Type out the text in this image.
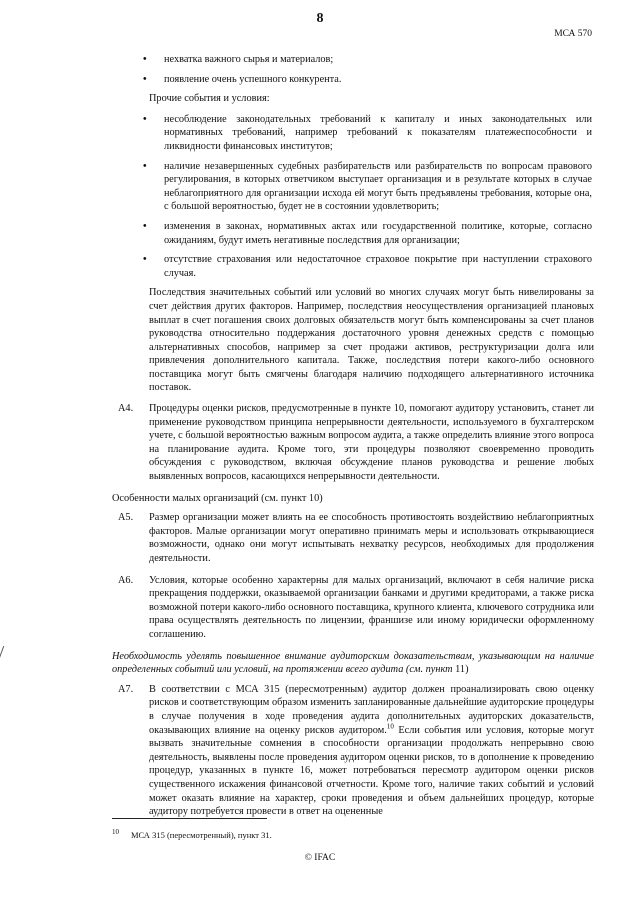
8
МСА 570
• нехватка важного сырья и материалов;
• появление очень успешного конкурента.
Прочие события и условия:
• несоблюдение законодательных требований к капиталу и иных законодательных или нормативных требований, например требований к показателям платежеспособности и ликвидности финансовых институтов;
• наличие незавершенных судебных разбирательств или разбирательств по вопросам правового регулирования, в которых ответчиком выступает организация и в результате которых в случае неблагоприятного для организации исхода ей могут быть предъявлены требования, которые она, с большой вероятностью, будет не в состоянии удовлетворить;
• изменения в законах, нормативных актах или государственной политике, которые, согласно ожиданиям, будут иметь негативные последствия для организации;
• отсутствие страхования или недостаточное страховое покрытие при наступлении страхового случая.
Последствия значительных событий или условий во многих случаях могут быть нивелированы за счет действия других факторов. Например, последствия неосуществления организацией плановых выплат в счет погашения своих долговых обязательств могут быть компенсированы за счет планов руководства относительно поддержания достаточного уровня денежных средств с помощью альтернативных способов, например за счет продажи активов, реструктуризации долга или привлечения дополнительного капитала. Также, последствия потери какого-либо основного поставщика могут быть смягчены благодаря наличию подходящего альтернативного источника поставок.
A4. Процедуры оценки рисков, предусмотренные в пункте 10, помогают аудитору установить, станет ли применение руководством принципа непрерывности деятельности, используемого в бухгалтерском учете, с большой вероятностью важным вопросом аудита, а также определить влияние этого вопроса на планирование аудита. Кроме того, эти процедуры позволяют своевременно проводить обсуждения с руководством, включая обсуждение планов руководства и решение любых выявленных вопросов, касающихся непрерывности деятельности.
Особенности малых организаций (см. пункт 10)
A5. Размер организации может влиять на ее способность противостоять воздействию неблагоприятных факторов. Малые организации могут оперативно принимать меры и использовать открывающиеся возможности, однако они могут испытывать нехватку ресурсов, необходимых для продолжения деятельности.
A6. Условия, которые особенно характерны для малых организаций, включают в себя наличие риска прекращения поддержки, оказываемой организации банками и другими кредиторами, а также риска возможной потери какого-либо основного поставщика, крупного клиента, ключевого сотрудника или права осуществлять деятельность по лицензии, франшизе или иному юридически оформленному соглашению.
Необходимость уделять повышенное внимание аудиторским доказательствам, указывающим на наличие определенных событий или условий, на протяжении всего аудита (см. пункт 11)
A7. В соответствии с МСА 315 (пересмотренным) аудитор должен проанализировать свою оценку рисков и соответствующим образом изменить запланированные дальнейшие аудиторские процедуры в случае получения в ходе проведения аудита дополнительных аудиторских доказательств, оказывающих влияние на оценку рисков аудитором.$^{10}$ Если события или условия, которые могут вызвать значительные сомнения в способности организации продолжать непрерывно свою деятельность, выявлены после проведения аудитором оценки рисков, то в дополнение к проведению процедур, указанных в пункте 16, может потребоваться пересмотр аудитором оценки рисков существенного искажения финансовой отчетности. Кроме того, наличие таких событий и условий может оказать влияние на характер, сроки проведения и объем дальнейших процедур, которые аудитору потребуется провести в ответ на оцененные
$^{10}$ МСА 315 (пересмотренный), пункт 31.
© IFAC
